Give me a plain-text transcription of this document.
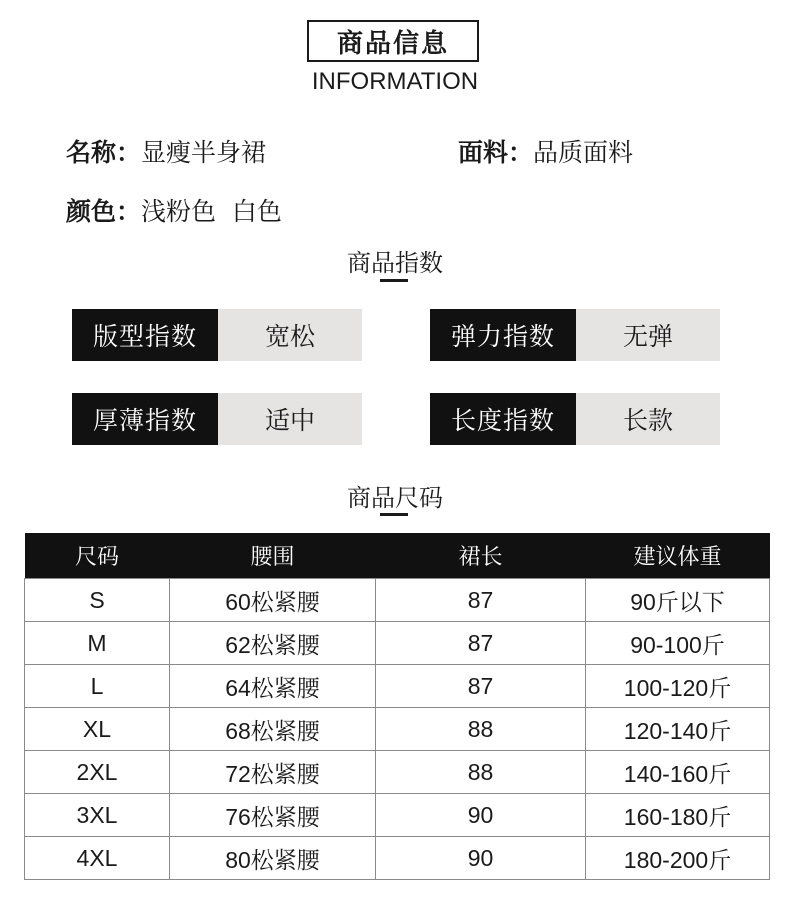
商品信息
INFORMATION
名称：显瘦半身裙	面料：品质面料
颜色：浅粉色  白色
商品指数
版型指数	宽松	弹力指数	无弹
厚薄指数	适中	长度指数	长款
商品尺码
尺码	腰围	裙长	建议体重
S	60松紧腰	87	90斤以下
M	62松紧腰	87	90-100斤
L	64松紧腰	87	100-120斤
XL	68松紧腰	88	120-140斤
2XL	72松紧腰	88	140-160斤
3XL	76松紧腰	90	160-180斤
4XL	80松紧腰	90	180-200斤
